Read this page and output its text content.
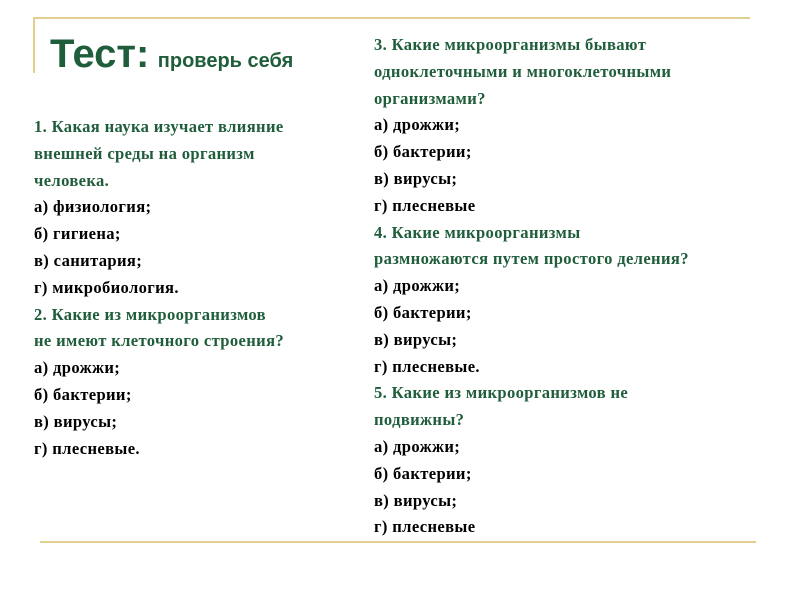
Тест: проверь себя
1. Какая наука изучает влияние
внешней среды на организм
человека.
а) физиология;
б) гигиена;
в) санитария;
г) микробиология.
2. Какие из микроорганизмов
не имеют клеточного строения?
а) дрожжи;
б) бактерии;
в) вирусы;
г) плесневые.
3. Какие микроорганизмы бывают
одноклеточными и многоклеточными
организмами?
а) дрожжи;
б) бактерии;
в) вирусы;
г) плесневые
4. Какие микроорганизмы
размножаются путем простого деления?
а) дрожжи;
б) бактерии;
в) вирусы;
г) плесневые.
5. Какие из микроорганизмов не
подвижны?
а) дрожжи;
б) бактерии;
в) вирусы;
г) плесневые
